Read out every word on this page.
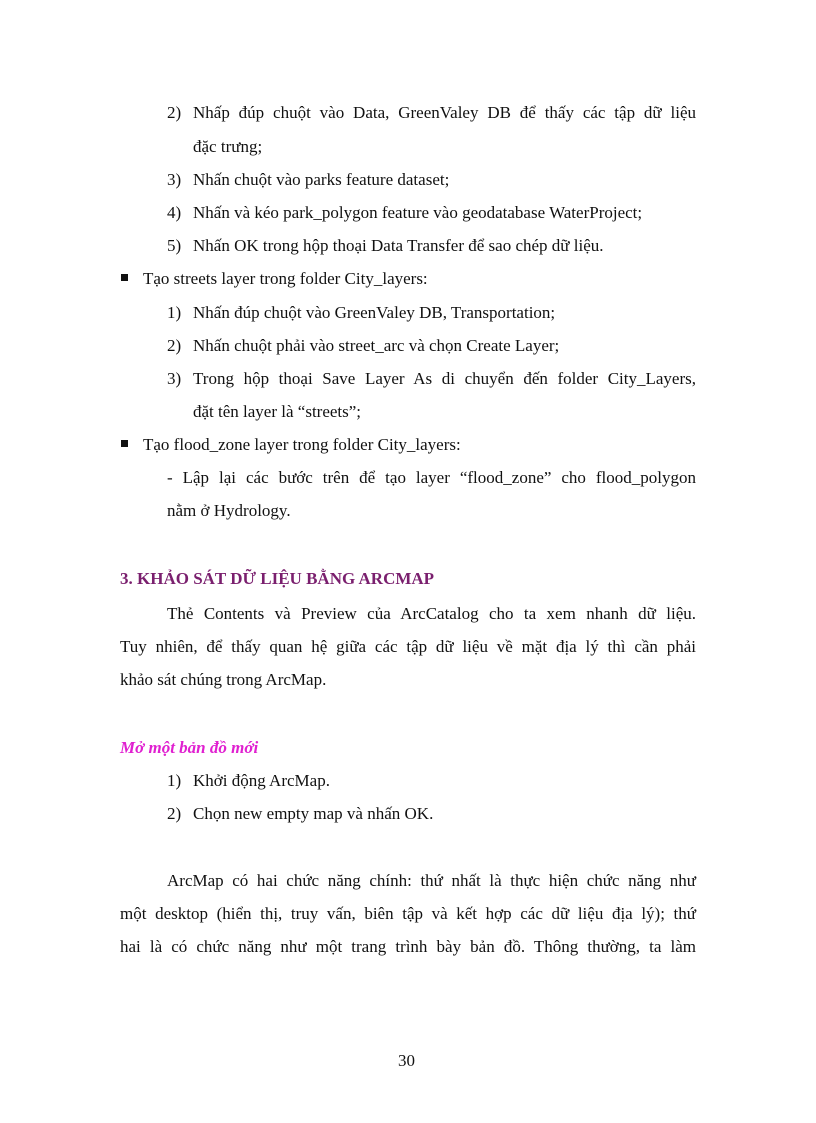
2) Nhấp đúp chuột vào Data, GreenValey DB để thấy các tập dữ liệu
đặc trưng;
3) Nhấn chuột vào parks feature dataset;
4) Nhấn và kéo park_polygon feature vào geodatabase WaterProject;
5) Nhấn OK trong hộp thoại Data Transfer để sao chép dữ liệu.
Tạo streets layer trong folder City_layers:
1) Nhấn đúp chuột vào GreenValey DB, Transportation;
2) Nhấn chuột phải vào street_arc và chọn Create Layer;
3) Trong hộp thoại Save Layer As di chuyển đến folder City_Layers,
đặt tên layer là “streets”;
Tạo flood_zone layer trong folder City_layers:
- Lập lại các bước trên để tạo layer “flood_zone” cho flood_polygon
nằm ở Hydrology.
3. KHẢO SÁT DỮ LIỆU BẰNG ARCMAP
Thẻ Contents và Preview của ArcCatalog cho ta xem nhanh dữ liệu.
Tuy nhiên, để thấy quan hệ giữa các tập dữ liệu về mặt địa lý thì cần phải
khảo sát chúng trong ArcMap.
Mở một bản đồ mới
1) Khởi động ArcMap.
2) Chọn new empty map và nhấn OK.
ArcMap có hai chức năng chính: thứ nhất là thực hiện chức năng như
một desktop (hiển thị, truy vấn, biên tập và kết hợp các dữ liệu địa lý); thứ
hai là có chức năng như một trang trình bày bản đồ. Thông thường, ta làm
30
